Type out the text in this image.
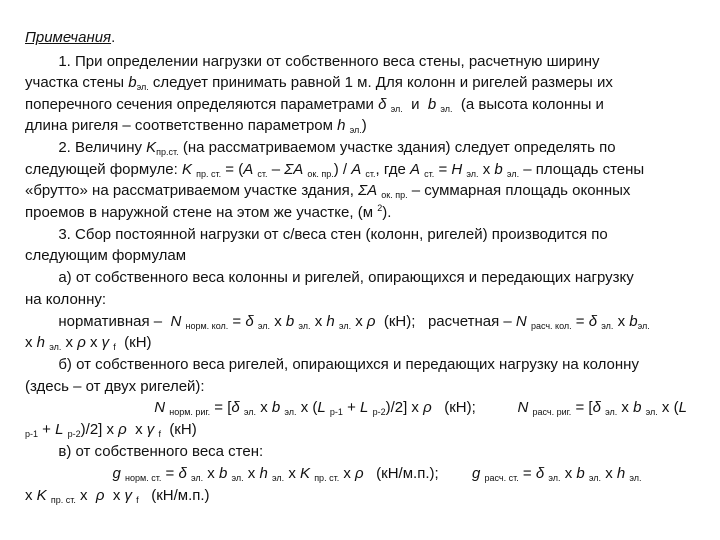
Примечания.
1. При определении нагрузки от собственного веса стены, расчетную ширину
участка стены $b_{эл.}$ следует принимать равной 1 м. Для колонн и ригелей размеры их
поперечного сечения определяются параметрами δ $_{эл.}$ и b $_{эл.}$ (а высота колонны и
длина ригеля – соответственно параметром h $_{эл.}$)
2. Величину $K_{пр.ст.}$ (на рассматриваемом участке здания) следует определять по
следующей формуле: K $_{пр. ст.}$ = (A $_{ст.}$ – ΣA $_{ок. пр.}$) / A $_{ст.}$, где A $_{ст.}$ = H $_{эл.}$ x b $_{эл.}$ – площадь стены
«брутто» на рассматриваемом участке здания, ΣA $_{ок. пр.}$ – суммарная площадь оконных
проемов в наружной стене на этом же участке, (м $^2$).
3. Сбор постоянной нагрузки от с/веса стен (колонн, ригелей) производится по
следующим формулам
а) от собственного веса колонны и ригелей, опирающихся и передающих нагрузку
на колонну:
нормативная – N $_{норм. кол.}$ = δ $_{эл.}$ x b $_{эл.}$ x h $_{эл.}$ x ρ (кН); расчетная – N $_{расч. кол.}$ = δ $_{эл.}$ x $b_{эл.}$
x h $_{эл.}$ x ρ x γ $_f$ (кН)
б) от собственного веса ригелей, опирающихся и передающих нагрузку на колонну
(здесь – от двух ригелей):
N $_{норм. риг.}$ = [δ $_{эл.}$ x b $_{эл.}$ x (L $_{р-1}$ + L $_{р-2}$)/2] x ρ (кН);	N $_{расч. риг.}$ = [δ $_{эл.}$ x b $_{эл.}$ x (L
$_{р-1}$ + L $_{р-2}$)/2] x ρ  x γ $_f$ (кН)
в) от собственного веса стен:
g $_{норм. ст.}$ = δ $_{эл.}$ x b $_{эл.}$ x h $_{эл.}$ x K $_{пр. ст.}$ x ρ (кН/м.п.); g $_{расч. ст.}$ = δ $_{эл.}$ x b $_{эл.}$ x h $_{эл.}$
x K $_{пр. ст.}$ x  ρ  x γ $_f$ (кН/м.п.)
